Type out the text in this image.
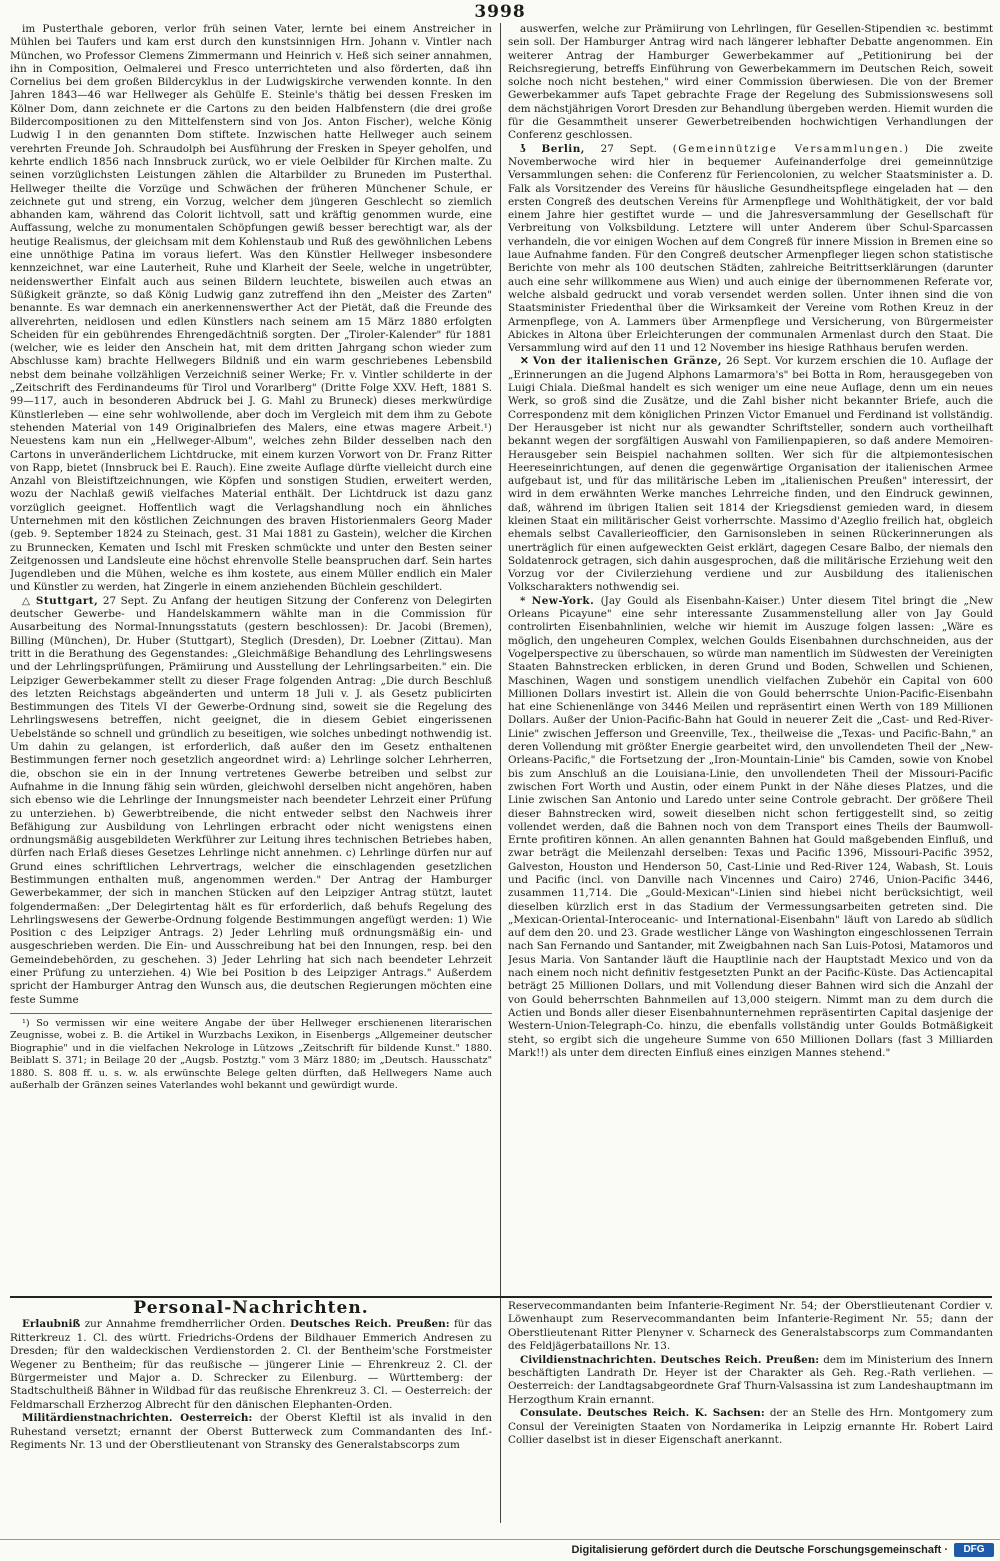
3998

im Pusterthale geboren, verlor früh seinen Vater, lernte bei einem Anstreicher in Mühlen bei Taufers und kam erst durch den kunstsinnigen Hrn. Johann v. Vintler nach München, wo Professor Clemens Zimmermann und Heinrich v. Heß sich seiner annahmen, ihn in Composition, Oelmalerei und Fresco unterrichteten und also förderten, daß ihn Cornelius bei dem großen Bildercyklus in der Ludwigskirche verwenden konnte. In den Jahren 1843—46 war Hellweger als Gehülfe E. Steinle's thätig bei dessen Fresken im Kölner Dom, dann zeichnete er die Cartons zu den beiden Halbfenstern (die drei große Bildercompositionen zu den Mittelfenstern sind von Jos. Anton Fischer), welche König Ludwig I in den genannten Dom stiftete. Inzwischen hatte Hellweger auch seinem verehrten Freunde Joh. Schraudolph bei Ausführung der Fresken in Speyer geholfen, und kehrte endlich 1856 nach Innsbruck zurück, wo er viele Oelbilder für Kirchen malte. Zu seinen vorzüglichsten Leistungen zählen die Altarbilder zu Bruneden im Pusterthal. Hellweger theilte die Vorzüge und Schwächen der früheren Münchener Schule, er zeichnete gut und streng, ein Vorzug, welcher dem jüngeren Geschlecht so ziemlich abhanden kam, während das Colorit lichtvoll, satt und kräftig genommen wurde, eine Auffassung, welche zu monumentalen Schöpfungen gewiß besser berechtigt war, als der heutige Realismus, der gleichsam mit dem Kohlenstaub und Ruß des gewöhnlichen Lebens eine unnöthige Patina im voraus liefert. Was den Künstler Hellweger insbesondere kennzeichnet, war eine Lauterheit, Ruhe und Klarheit der Seele, welche in ungetrübter, neidenswerther Einfalt auch aus seinen Bildern leuchtete, bisweilen auch etwas an Süßigkeit gränzte, so daß König Ludwig ganz zutreffend ihn den „Meister des Zarten" benannte. Es war demnach ein anerkennenswerther Act der Pietät, daß die Freunde des allverehrten, neidlosen und edlen Künstlers nach seinem am 15 März 1880 erfolgten Scheiden für ein gebührendes Ehrengedächtniß sorgten. Der „Tiroler-Kalender" für 1881 (welcher, wie es leider den Anschein hat, mit dem dritten Jahrgang schon wieder zum Abschlusse kam) brachte Hellwegers Bildniß und ein warm geschriebenes Lebensbild nebst dem beinahe vollzähligen Verzeichniß seiner Werke; Fr. v. Vintler schilderte in der „Zeitschrift des Ferdinandeums für Tirol und Vorarlberg" (Dritte Folge XXV. Heft, 1881 S. 99—117, auch in besonderen Abdruck bei J. G. Mahl zu Bruneck) dieses merkwürdige Künstlerleben — eine sehr wohlwollende, aber doch im Vergleich mit dem ihm zu Gebote stehenden Material von 149 Originalbriefen des Malers, eine etwas magere Arbeit.¹) Neuestens kam nun ein „Hellweger-Album", welches zehn Bilder desselben nach den Cartons in unveränderlichem Lichtdrucke, mit einem kurzen Vorwort von Dr. Franz Ritter von Rapp, bietet (Innsbruck bei E. Rauch). Eine zweite Auflage dürfte vielleicht durch eine Anzahl von Bleistiftzeichnungen, wie Köpfen und sonstigen Studien, erweitert werden, wozu der Nachlaß gewiß vielfaches Material enthält. Der Lichtdruck ist dazu ganz vorzüglich geeignet. Hoffentlich wagt die Verlagshandlung noch ein ähnliches Unternehmen mit den köstlichen Zeichnungen des braven Historienmalers Georg Mader (geb. 9. September 1824 zu Steinach, gest. 31 Mai 1881 zu Gastein), welcher die Kirchen zu Brunnecken, Kematen und Ischl mit Fresken schmückte und unter den Besten seiner Zeitgenossen und Landsleute eine höchst ehrenvolle Stelle beanspruchen darf. Sein hartes Jugendleben und die Mühen, welche es ihm kostete, aus einem Müller endlich ein Maler und Künstler zu werden, hat Zingerle in einem anziehenden Büchlein geschildert.

△ Stuttgart, 27 Sept. Zu Anfang der heutigen Sitzung der Conferenz von Delegirten deutscher Gewerbe- und Handelskammern wählte man in die Commission für Ausarbeitung des Normal-Innungsstatuts (gestern beschlossen): Dr. Jacobi (Bremen), Billing (München), Dr. Huber (Stuttgart), Steglich (Dresden), Dr. Loebner (Zittau). Man tritt in die Berathung des Gegenstandes: „Gleichmäßige Behandlung des Lehrlingswesens und der Lehrlingsprüfungen, Prämiirung und Ausstellung der Lehrlingsarbeiten." ein. Die Leipziger Gewerbekammer stellt zu dieser Frage folgenden Antrag: „Die durch Beschluß des letzten Reichstags abgeänderten und unterm 18 Juli v. J. als Gesetz publicirten Bestimmungen des Titels VI der Gewerbe-Ordnung sind, soweit sie die Regelung des Lehrlingswesens betreffen, nicht geeignet, die in diesem Gebiet eingerissenen Uebelstände so schnell und gründlich zu beseitigen, wie solches unbedingt nothwendig ist. Um dahin zu gelangen, ist erforderlich, daß außer den im Gesetz enthaltenen Bestimmungen ferner noch gesetzlich angeordnet wird: a) Lehrlinge solcher Lehrherren, die, obschon sie ein in der Innung vertretenes Gewerbe betreiben und selbst zur Aufnahme in die Innung fähig sein würden, gleichwohl derselben nicht angehören, haben sich ebenso wie die Lehrlinge der Innungsmeister nach beendeter Lehrzeit einer Prüfung zu unterziehen. b) Gewerbtreibende, die nicht entweder selbst den Nachweis ihrer Befähigung zur Ausbildung von Lehrlingen erbracht oder nicht wenigstens einen ordnungsmäßig ausgebildeten Werkführer zur Leitung ihres technischen Betriebes haben, dürfen nach Erlaß dieses Gesetzes Lehrlinge nicht annehmen. c) Lehrlinge dürfen nur auf Grund eines schriftlichen Lehrvertrags, welcher die einschlagenden gesetzlichen Bestimmungen enthalten muß, angenommen werden." Der Antrag der Hamburger Gewerbekammer, der sich in manchen Stücken auf den Leipziger Antrag stützt, lautet folgendermaßen: „Der Delegirtentag hält es für erforderlich, daß behufs Regelung des Lehrlingswesens der Gewerbe-Ordnung folgende Bestimmungen angefügt werden: 1) Wie Position c des Leipziger Antrags. 2) Jeder Lehrling muß ordnungsmäßig ein- und ausgeschrieben werden. Die Ein- und Ausschreibung hat bei den Innungen, resp. bei den Gemeindebehörden, zu geschehen. 3) Jeder Lehrling hat sich nach beendeter Lehrzeit einer Prüfung zu unterziehen. 4) Wie bei Position b des Leipziger Antrags." Außerdem spricht der Hamburger Antrag den Wunsch aus, die deutschen Regierungen möchten eine feste Summe

¹) So vermissen wir eine weitere Angabe der über Hellweger erschienenen literarischen Zeugnisse, wobei z. B. die Artikel in Wurzbachs Lexikon, in Eisenbergs „Allgemeiner deutscher Biographie" und in die vielfachen Nekrologe in Lützows „Zeitschrift für bildende Kunst." 1880. Beiblatt S. 371; in Beilage 20 der „Augsb. Postztg." vom 3 März 1880; im „Deutsch. Hausschatz" 1880. S. 808 ff. u. s. w. als erwünschte Belege gelten dürften, daß Hellwegers Name auch außerhalb der Gränzen seines Vaterlandes wohl bekannt und gewürdigt wurde.

auswerfen, welche zur Prämiirung von Lehrlingen, für Gesellen-Stipendien ꝛc. bestimmt sein soll. Der Hamburger Antrag wird nach längerer lebhafter Debatte angenommen. Ein weiterer Antrag der Hamburger Gewerbekammer auf „Petitionirung bei der Reichsregierung, betreffs Einführung von Gewerbekammern im Deutschen Reich, soweit solche noch nicht bestehen," wird einer Commission überwiesen. Die von der Bremer Gewerbekammer aufs Tapet gebrachte Frage der Regelung des Submissionswesens soll dem nächstjährigen Vorort Dresden zur Behandlung übergeben werden. Hiemit wurden die für die Gesammtheit unserer Gewerbetreibenden hochwichtigen Verhandlungen der Conferenz geschlossen.

ʖ Berlin, 27 Sept. (Gemeinnützige Versammlungen.) Die zweite Novemberwoche wird hier in bequemer Aufeinanderfolge drei gemeinnützige Versammlungen sehen: die Conferenz für Feriencolonien, zu welcher Staatsminister a. D. Falk als Vorsitzender des Vereins für häusliche Gesundheitspflege eingeladen hat — den ersten Congreß des deutschen Vereins für Armenpflege und Wohlthätigkeit, der vor bald einem Jahre hier gestiftet wurde — und die Jahresversammlung der Gesellschaft für Verbreitung von Volksbildung. Letztere will unter Anderem über Schul-Sparcassen verhandeln, die vor einigen Wochen auf dem Congreß für innere Mission in Bremen eine so laue Aufnahme fanden. Für den Congreß deutscher Armenpfleger liegen schon statistische Berichte von mehr als 100 deutschen Städten, zahlreiche Beitrittserklärungen (darunter auch eine sehr willkommene aus Wien) und auch einige der übernommenen Referate vor, welche alsbald gedruckt und vorab versendet werden sollen. Unter ihnen sind die von Staatsminister Friedenthal über die Wirksamkeit der Vereine vom Rothen Kreuz in der Armenpflege, von A. Lammers über Armenpflege und Versicherung, von Bürgermeister Abickes in Altona über Erleichterungen der communalen Armenlast durch den Staat. Die Versammlung wird auf den 11 und 12 November ins hiesige Rathhaus berufen werden.

✕ Von der italienischen Gränze, 26 Sept. Vor kurzem erschien die 10. Auflage der „Erinnerungen an die Jugend Alphons Lamarmora's" bei Botta in Rom, herausgegeben von Luigi Chiala. Dießmal handelt es sich weniger um eine neue Auflage, denn um ein neues Werk, so groß sind die Zusätze, und die Zahl bisher nicht bekannter Briefe, auch die Correspondenz mit dem königlichen Prinzen Victor Emanuel und Ferdinand ist vollständig. Der Herausgeber ist nicht nur als gewandter Schriftsteller, sondern auch vortheilhaft bekannt wegen der sorgfältigen Auswahl von Familienpapieren, so daß andere Memoiren-Herausgeber sein Beispiel nachahmen sollten. Wer sich für die altpiemontesischen Heereseinrichtungen, auf denen die gegenwärtige Organisation der italienischen Armee aufgebaut ist, und für das militärische Leben im „italienischen Preußen" interessirt, der wird in dem erwähnten Werke manches Lehrreiche finden, und den Eindruck gewinnen, daß, während im übrigen Italien seit 1814 der Kriegsdienst gemieden ward, in diesem kleinen Staat ein militärischer Geist vorherrschte. Massimo d'Azeglio freilich hat, obgleich ehemals selbst Cavallerieofficier, den Garnisonsleben in seinen Rückerinnerungen als unerträglich für einen aufgeweckten Geist erklärt, dagegen Cesare Balbo, der niemals den Soldatenrock getragen, sich dahin ausgesprochen, daß die militärische Erziehung weit den Vorzug vor der Civilerziehung verdiene und zur Ausbildung des italienischen Volkscharakters nothwendig sei.

* New-York. (Jay Gould als Eisenbahn-Kaiser.) Unter diesem Titel bringt die „New Orleans Picayune" eine sehr interessante Zusammenstellung aller von Jay Gould controlirten Eisenbahnlinien, welche wir hiemit im Auszuge folgen lassen: „Wäre es möglich, den ungeheuren Complex, welchen Goulds Eisenbahnen durchschneiden, aus der Vogelperspective zu überschauen, so würde man namentlich im Südwesten der Vereinigten Staaten Bahnstrecken erblicken, in deren Grund und Boden, Schwellen und Schienen, Maschinen, Wagen und sonstigem unendlich vielfachen Zubehör ein Capital von 600 Millionen Dollars investirt ist. Allein die von Gould beherrschte Union-Pacific-Eisenbahn hat eine Schienenlänge von 3446 Meilen und repräsentirt einen Werth von 189 Millionen Dollars. Außer der Union-Pacific-Bahn hat Gould in neuerer Zeit die „Cast- und Red-River-Linie" zwischen Jefferson und Greenville, Tex., theilweise die „Texas- und Pacific-Bahn," an deren Vollendung mit größter Energie gearbeitet wird, den unvollendeten Theil der „New-Orleans-Pacific," die Fortsetzung der „Iron-Mountain-Linie" bis Camden, sowie von Knobel bis zum Anschluß an die Louisiana-Linie, den unvollendeten Theil der Missouri-Pacific zwischen Fort Worth und Austin, oder einem Punkt in der Nähe dieses Platzes, und die Linie zwischen San Antonio und Laredo unter seine Controle gebracht. Der größere Theil dieser Bahnstrecken wird, soweit dieselben nicht schon fertiggestellt sind, so zeitig vollendet werden, daß die Bahnen noch von dem Transport eines Theils der Baumwoll-Ernte profitiren können. An allen genannten Bahnen hat Gould maßgebenden Einfluß, und zwar beträgt die Meilenzahl derselben: Texas und Pacific 1396, Missouri-Pacific 3952, Galveston, Houston und Henderson 50, Cast-Linie und Red-River 124, Wabash, St. Louis und Pacific (incl. von Danville nach Vincennes und Cairo) 2746, Union-Pacific 3446, zusammen 11,714. Die „Gould-Mexican"-Linien sind hiebei nicht berücksichtigt, weil dieselben kürzlich erst in das Stadium der Vermessungsarbeiten getreten sind. Die „Mexican-Oriental-Interoceanic- und International-Eisenbahn" läuft von Laredo ab südlich auf dem den 20. und 23. Grade westlicher Länge von Washington eingeschlossenen Terrain nach San Fernando und Santander, mit Zweigbahnen nach San Luis-Potosi, Matamoros und Jesus Maria. Von Santander läuft die Hauptlinie nach der Hauptstadt Mexico und von da nach einem noch nicht definitiv festgesetzten Punkt an der Pacific-Küste. Das Actiencapital beträgt 25 Millionen Dollars, und mit Vollendung dieser Bahnen wird sich die Anzahl der von Gould beherrschten Bahnmeilen auf 13,000 steigern. Nimmt man zu dem durch die Actien und Bonds aller dieser Eisenbahnunternehmen repräsentirten Capital dasjenige der Western-Union-Telegraph-Co. hinzu, die ebenfalls vollständig unter Goulds Botmäßigkeit steht, so ergibt sich die ungeheure Summe von 650 Millionen Dollars (fast 3 Milliarden Mark!!) als unter dem directen Einfluß eines einzigen Mannes stehend."

Personal-Nachrichten.

Erlaubniß zur Annahme fremdherrlicher Orden. Deutsches Reich. Preußen: für das Ritterkreuz 1. Cl. des württ. Friedrichs-Ordens der Bildhauer Emmerich Andresen zu Dresden; für den waldeckischen Verdienstorden 2. Cl. der Bentheim'sche Forstmeister Wegener zu Bentheim; für das reußische — jüngerer Linie — Ehrenkreuz 2. Cl. der Bürgermeister und Major a. D. Schrecker zu Eilenburg. — Württemberg: der Stadtschultheiß Bähner in Wildbad für das reußische Ehrenkreuz 3. Cl. — Oesterreich: der Feldmarschall Erzherzog Albrecht für den dänischen Elephanten-Orden.

Militärdienstnachrichten. Oesterreich: der Oberst Kleftil ist als invalid in den Ruhestand versetzt; ernannt der Oberst Butterweck zum Commandanten des Inf.-Regiments Nr. 13 und der Oberstlieutenant von Stransky des Generalstabscorps zum

Reservecommandanten beim Infanterie-Regiment Nr. 54; der Oberstlieutenant Cordier v. Löwenhaupt zum Reservecommandanten beim Infanterie-Regiment Nr. 55; dann der Oberstlieutenant Ritter Plenyner v. Scharneck des Generalstabscorps zum Commandanten des Feldjägerbataillons Nr. 13.

Civildienstnachrichten. Deutsches Reich. Preußen: dem im Ministerium des Innern beschäftigten Landrath Dr. Heyer ist der Charakter als Geh. Reg.-Rath verliehen. — Oesterreich: der Landtagsabgeordnete Graf Thurn-Valsassina ist zum Landeshauptmann im Herzogthum Krain ernannt.

Consulate. Deutsches Reich. K. Sachsen: der an Stelle des Hrn. Montgomery zum Consul der Vereinigten Staaten von Nordamerika in Leipzig ernannte Hr. Robert Laird Collier daselbst ist in dieser Eigenschaft anerkannt.

Digitalisierung gefördert durch die Deutsche Forschungsgemeinschaft ·	DFG
